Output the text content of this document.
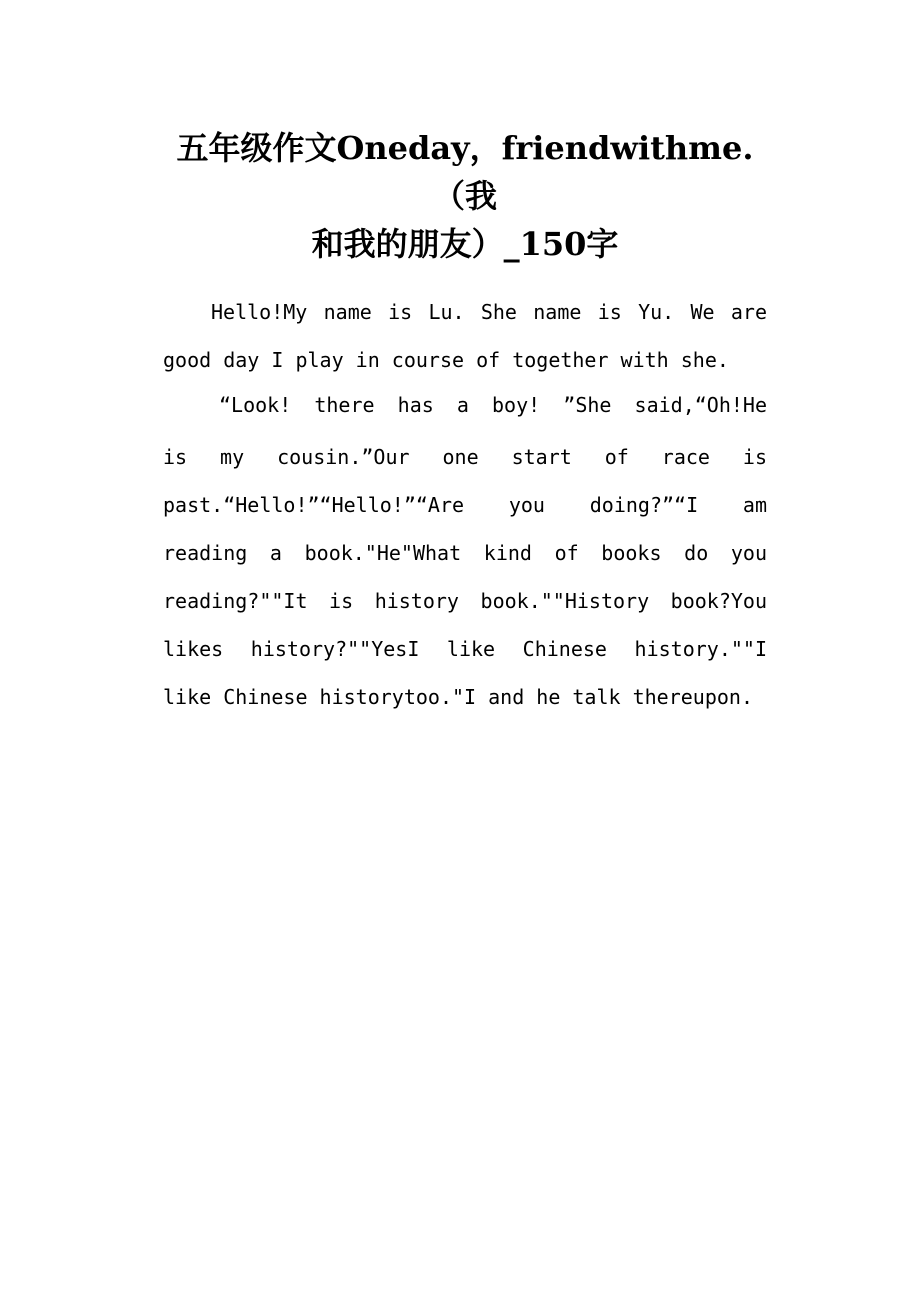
五年级作文Oneday，friendwithme.（我
和我的朋友）_150字
Hello!My name is Lu. She name is Yu. We are
good day I play in course of together with she.
“Look! there has a boy! ”She said,“Oh!He
is my cousin.”Our one start of race is
past.“Hello!”“Hello!”“Are you doing?”“I am
reading a book."He"What kind of books do you
reading?""It is history book.""History book?You
likes history?""YesI like Chinese history.""I
like Chinese historytoo."I and he talk thereupon.
